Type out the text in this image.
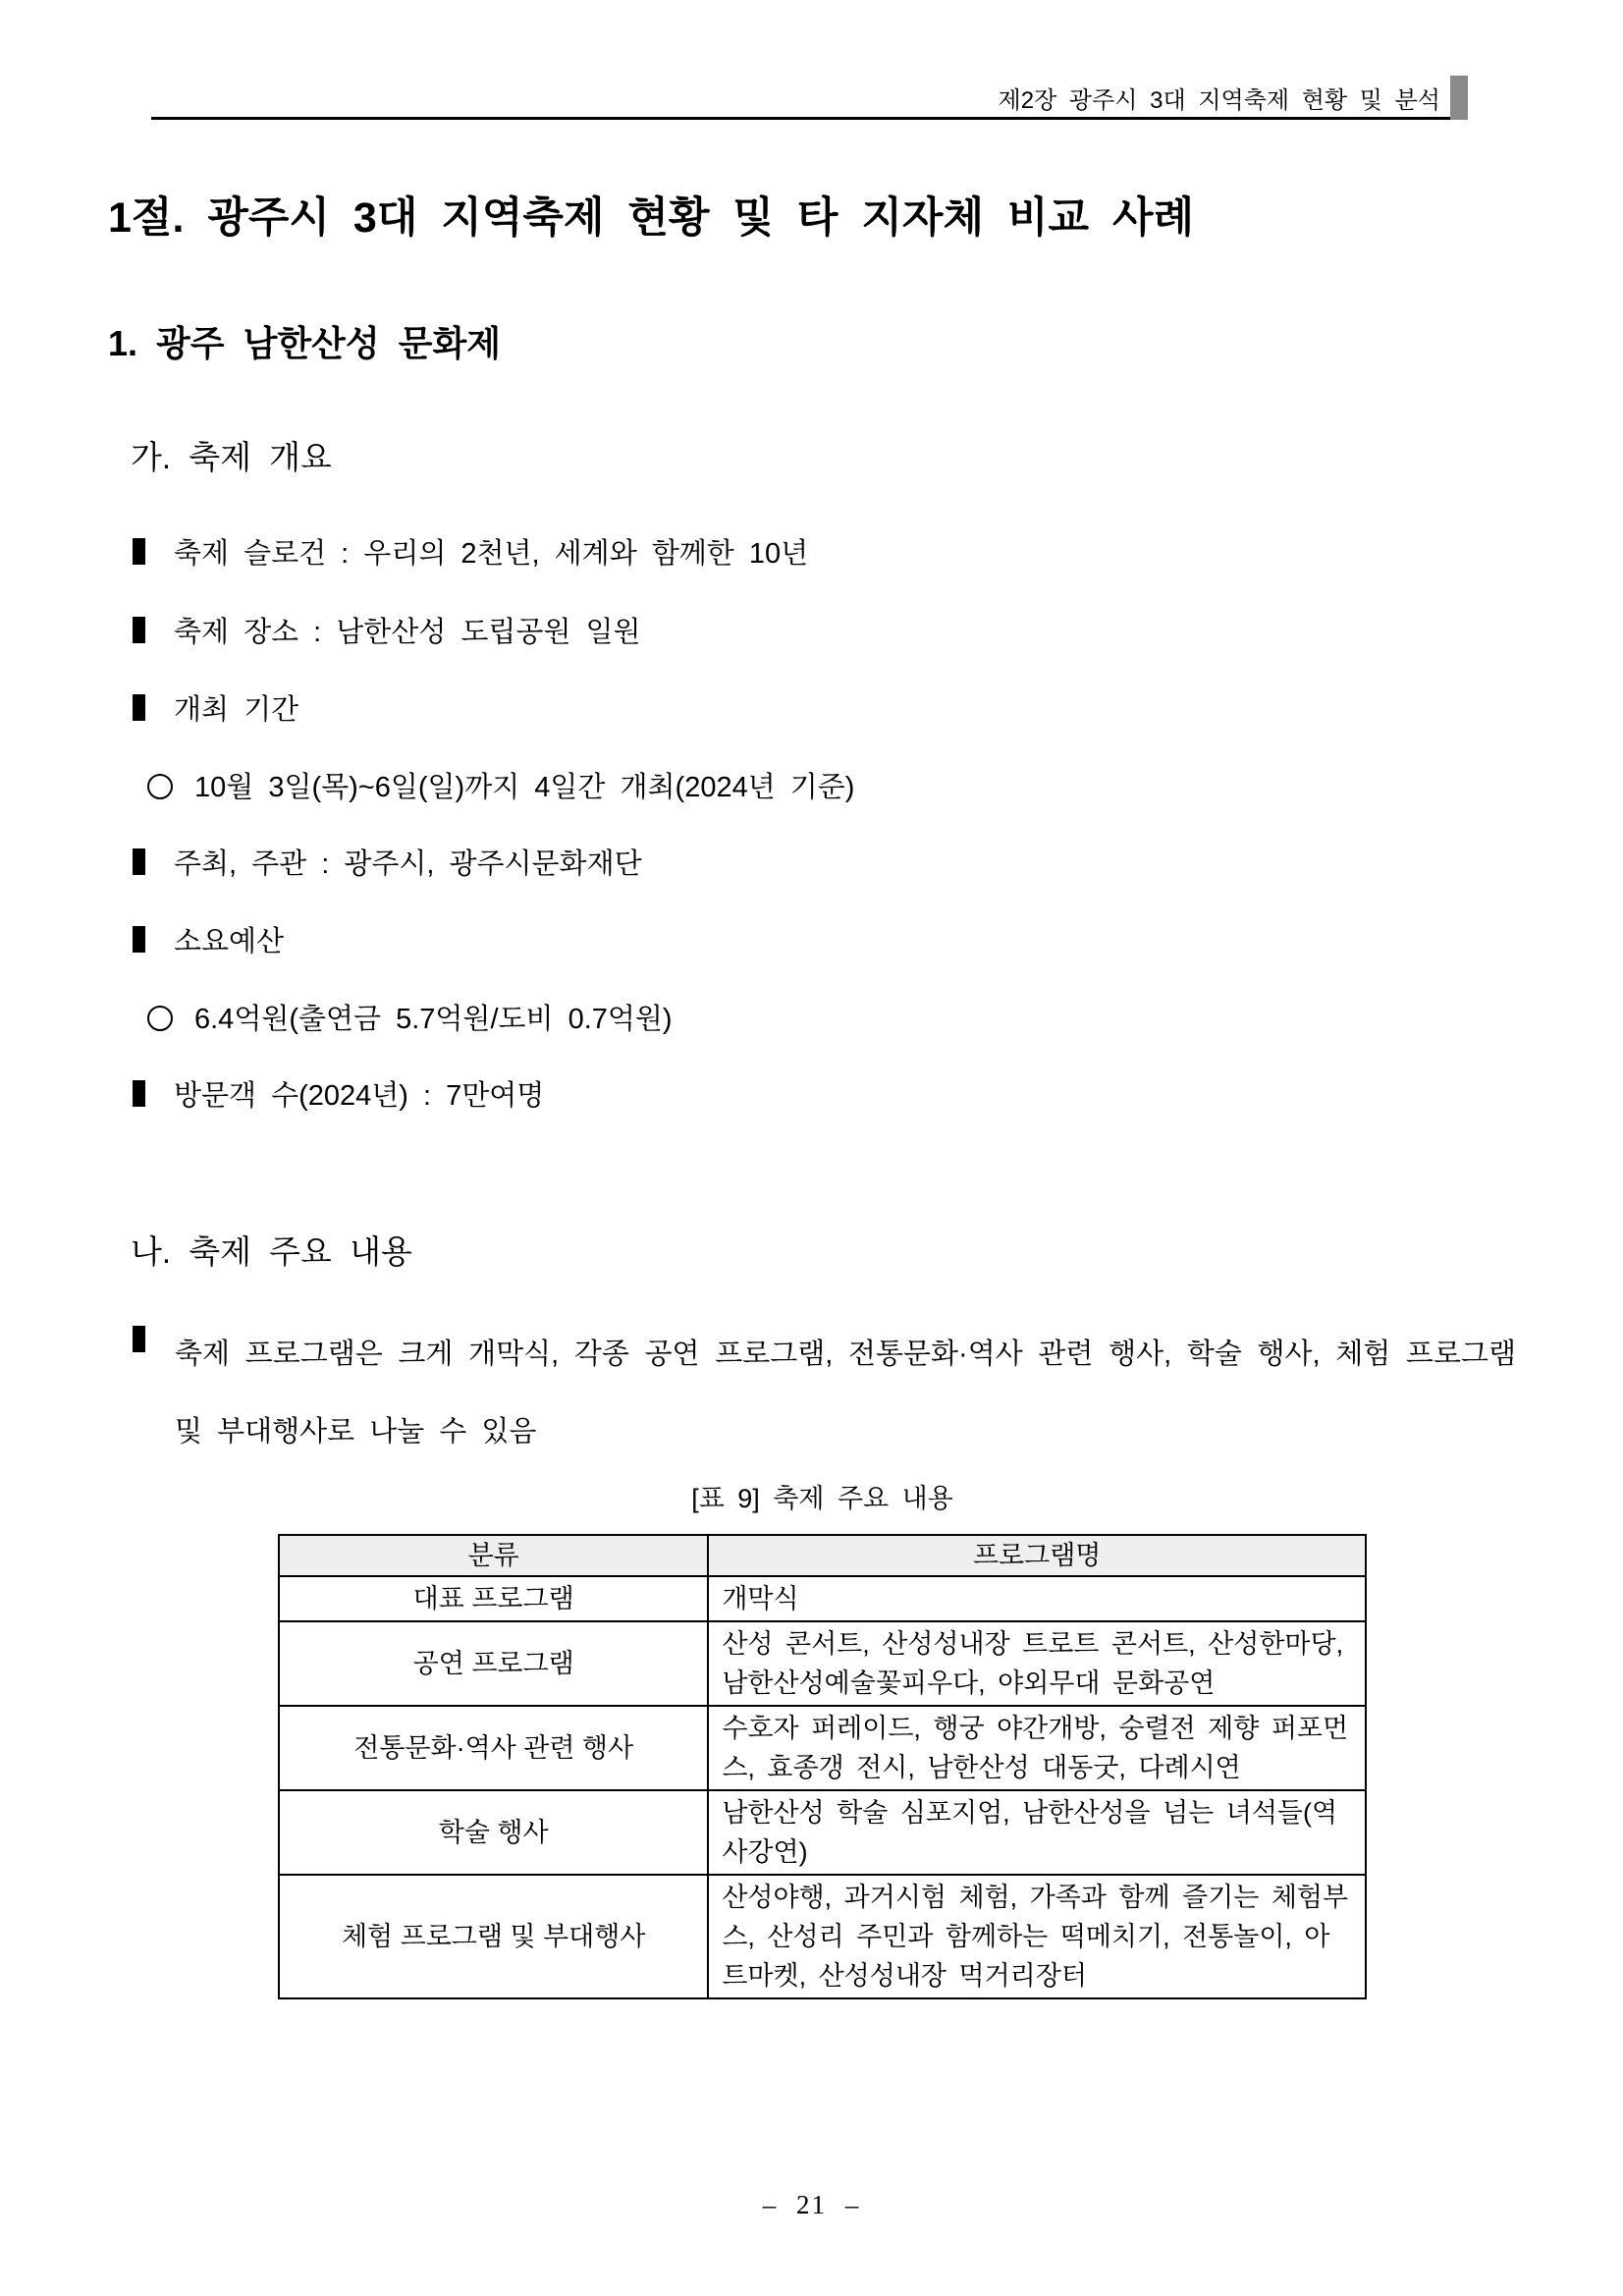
제2장 광주시 3대 지역축제 현황 및 분석
1절. 광주시 3대 지역축제 현황 및 타 지자체 비교 사례
1. 광주 남한산성 문화제
가. 축제 개요
축제 슬로건 : 우리의 2천년, 세계와 함께한 10년
축제 장소 : 남한산성 도립공원 일원
개최 기간
10월 3일(목)~6일(일)까지 4일간 개최(2024년 기준)
주최, 주관 : 광주시, 광주시문화재단
소요예산
6.4억원(출연금 5.7억원/도비 0.7억원)
방문객 수(2024년) : 7만여명
나. 축제 주요 내용
축제 프로그램은 크게 개막식, 각종 공연 프로그램, 전통문화·역사 관련 행사, 학술 행사, 체험 프로그램 및 부대행사로 나눌 수 있음
[표 9] 축제 주요 내용
분류	프로그램명
대표 프로그램	개막식
공연 프로그램	산성 콘서트, 산성성내장 트로트 콘서트, 산성한마당, 남한산성예술꽃피우다, 야외무대 문화공연
전통문화·역사 관련 행사	수호자 퍼레이드, 행궁 야간개방, 숭렬전 제향 퍼포먼스, 효종갱 전시, 남한산성 대동굿, 다례시연
학술 행사	남한산성 학술 심포지엄, 남한산성을 넘는 녀석들(역사강연)
체험 프로그램 및 부대행사	산성야행, 과거시험 체험, 가족과 함께 즐기는 체험부스, 산성리 주민과 함께하는 떡메치기, 전통놀이, 아트마켓, 산성성내장 먹거리장터
– 21 –
